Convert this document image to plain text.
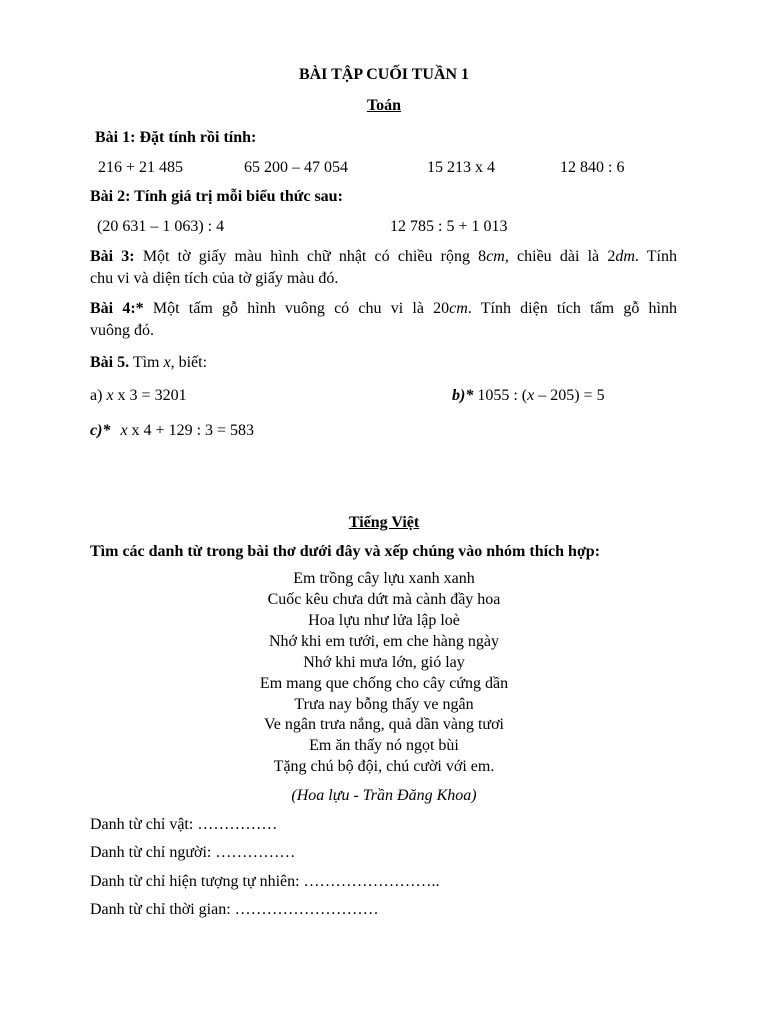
BÀI TẬP CUỐI TUẦN 1
Toán
Bài 1: Đặt tính rồi tính:
216 + 21 485	65 200 – 47 054	15 213 x 4	12 840 : 6
Bài 2: Tính giá trị mỗi biểu thức sau:
(20 631 – 1 063) : 4	12 785 : 5 + 1 013
Bài 3: Một tờ giấy màu hình chữ nhật có chiều rộng 8cm, chiều dài là 2dm. Tính
chu vi và diện tích của tờ giấy màu đó.
Bài 4:* Một tấm gỗ hình vuông có chu vi là 20cm. Tính diện tích tấm gỗ hình
vuông đó.
Bài 5. Tìm x, biết:
a) x x 3 = 3201	b)* 1055 : (x – 205) = 5
c)* x x 4 + 129 : 3 = 583
Tiếng Việt
Tìm các danh từ trong bài thơ dưới đây và xếp chúng vào nhóm thích hợp:
Em trồng cây lựu xanh xanh
Cuốc kêu chưa dứt mà cành đầy hoa
Hoa lựu như lửa lập loè
Nhớ khi em tưới, em che hàng ngày
Nhớ khi mưa lớn, gió lay
Em mang que chống cho cây cứng dần
Trưa nay bỗng thấy ve ngân
Ve ngân trưa nắng, quả dần vàng tươi
Em ăn thấy nó ngọt bùi
Tặng chú bộ đội, chú cười với em.
(Hoa lựu - Trần Đăng Khoa)
Danh từ chỉ vật: ……………
Danh từ chỉ người: ……………
Danh từ chỉ hiện tượng tự nhiên: ……………………..
Danh từ chỉ thời gian: ………………………
